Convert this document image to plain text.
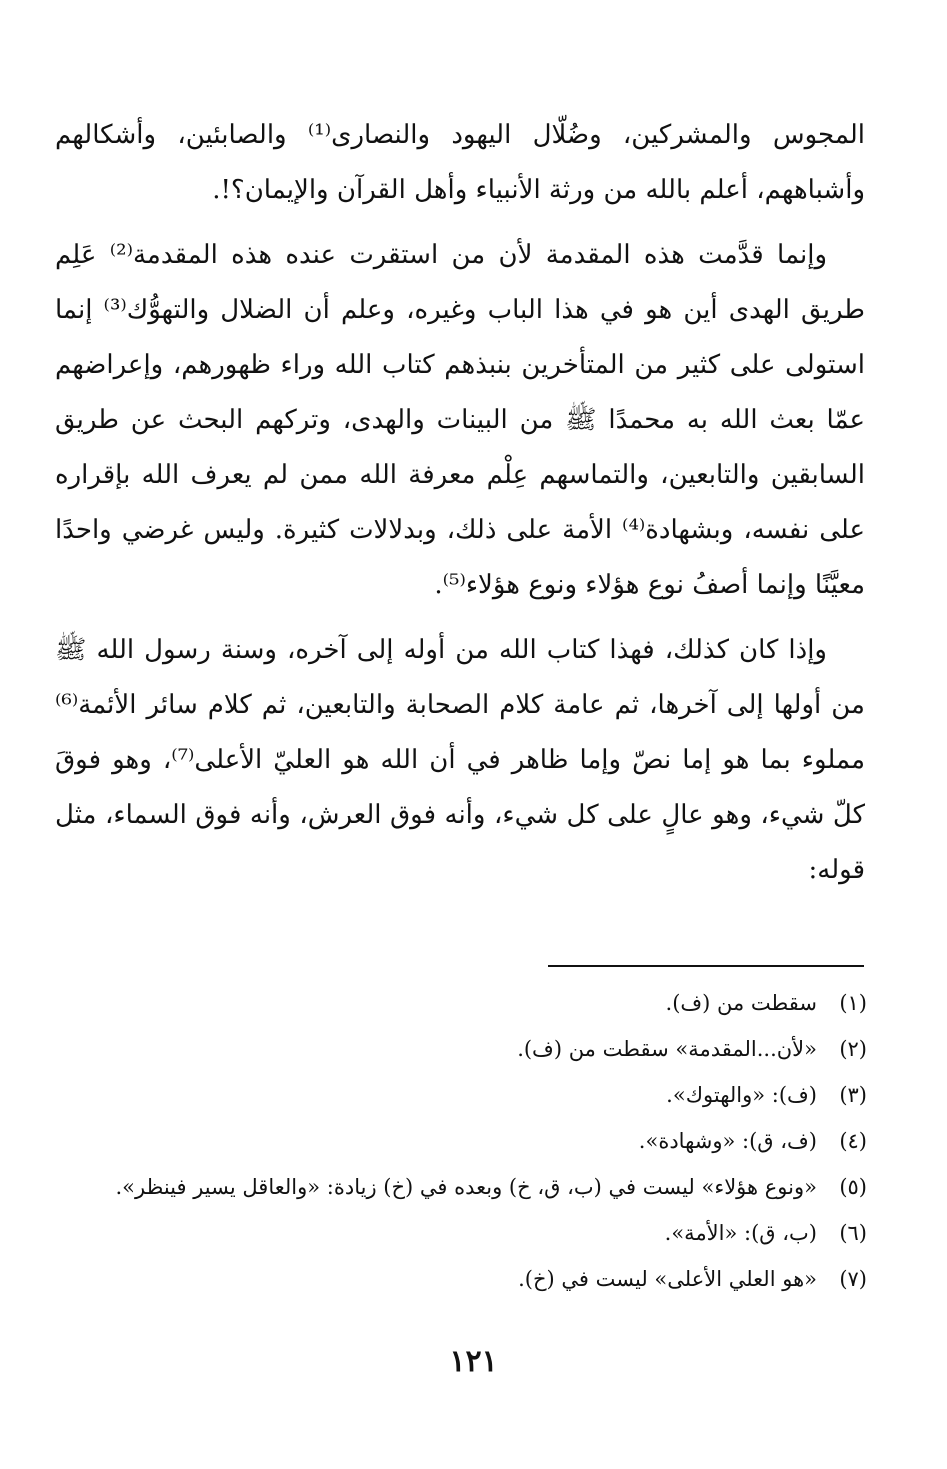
المجوس والمشركين، وضُلّال اليهود والنصارى⁽¹⁾ والصابئين، وأشكالهم وأشباههم، أعلم بالله من ورثة الأنبياء وأهل القرآن والإيمان؟!.

وإنما قدَّمت هذه المقدمة لأن من استقرت عنده هذه المقدمة⁽²⁾ عَلِم طريق الهدى أين هو في هذا الباب وغيره، وعلم أن الضلال والتهوُّك⁽³⁾ إنما استولى على كثير من المتأخرين بنبذهم كتاب الله وراء ظهورهم، وإعراضهم عمّا بعث الله به محمدًا ﷺ من البينات والهدى، وتركهم البحث عن طريق السابقين والتابعين، والتماسهم عِلْم معرفة الله ممن لم يعرف الله بإقراره على نفسه، وبشهادة⁽⁴⁾ الأمة على ذلك، وبدلالات كثيرة. وليس غرضي واحدًا معيَّنًا وإنما أصفُ نوع هؤلاء ونوع هؤلاء⁽⁵⁾.

وإذا كان كذلك، فهذا كتاب الله من أوله إلى آخره، وسنة رسول الله ﷺ من أولها إلى آخرها، ثم عامة كلام الصحابة والتابعين، ثم كلام سائر الأئمة⁽⁶⁾ مملوء بما هو إما نصّ وإما ظاهر في أن الله هو العليّ الأعلى⁽⁷⁾، وهو فوقَ كلّ شيء، وهو عالٍ على كل شيء، وأنه فوق العرش، وأنه فوق السماء، مثل قوله:

(١)
سقطت من (ف).
(٢)
«لأن...المقدمة» سقطت من (ف).
(٣)
(ف): «والهتوك».
(٤)
(ف، ق): «وشهادة».
(٥)
«ونوع هؤلاء» ليست في (ب، ق، خ) وبعده في (خ) زيادة: «والعاقل يسير فينظر».
(٦)
(ب، ق): «الأمة».
(٧)
«هو العلي الأعلى» ليست في (خ).
١٢١
